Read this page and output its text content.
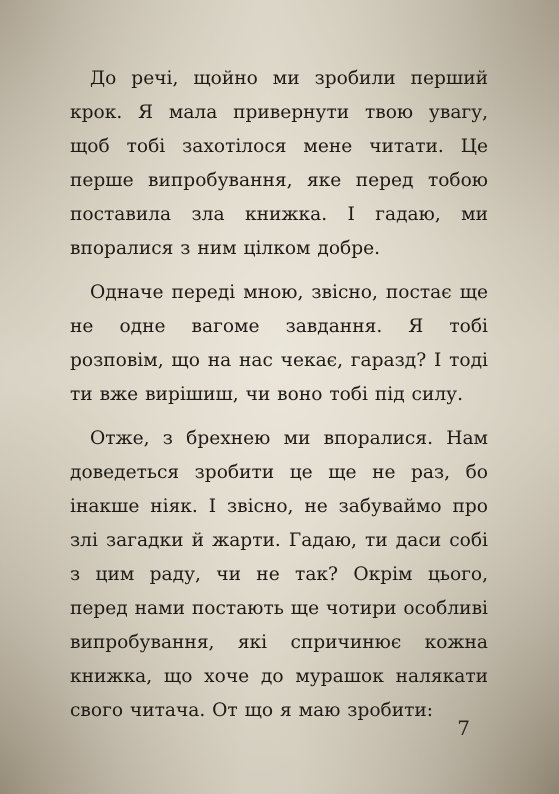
До речі, щойно ми зробили перший крок. Я мала привернути твою увагу, щоб тобі захотілося мене читати. Це перше випробування, яке перед тобою поставила зла книжка. І гадаю, ми впоралися з ним цілком добре.

Одначе переді мною, звісно, постає ще не одне вагоме завдання. Я тобі розповім, що на нас чекає, гаразд? І тоді ти вже вирішиш, чи воно тобі під силу.

Отже, з брехнею ми впоралися. Нам доведеться зробити це ще не раз, бо інакше ніяк. І звісно, не забуваймо про злі загадки й жарти. Гадаю, ти даси собі з цим раду, чи не так? Окрім цього, перед нами постають ще чотири особливі випробування, які спричинює кожна книжка, що хоче до мурашок налякати свого читача. От що я маю зробити:

7
